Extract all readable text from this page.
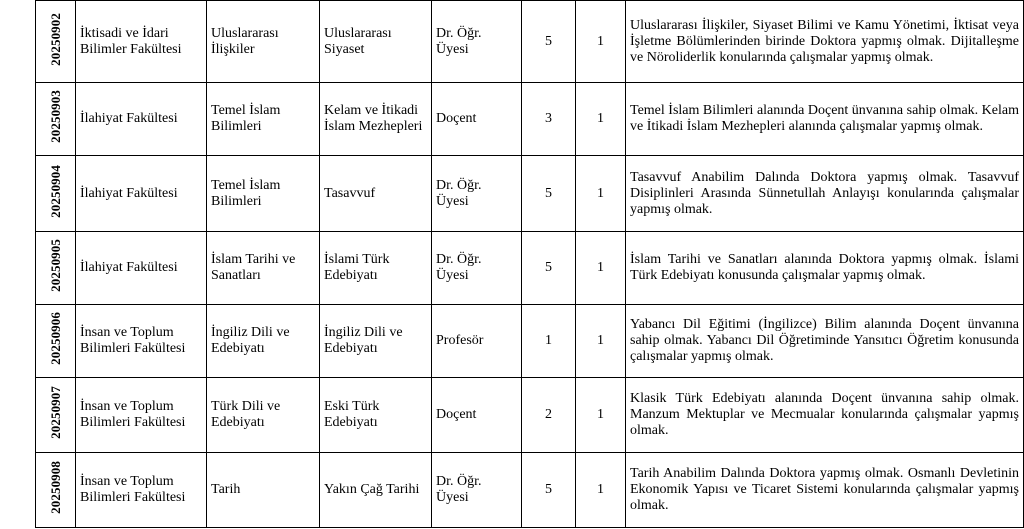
20250902	İktisadi ve İdari Bilimler Fakültesi	Uluslararası İlişkiler	Uluslararası Siyaset	Dr. Öğr. Üyesi	5	1	Uluslararası İlişkiler, Siyaset Bilimi ve Kamu Yönetimi, İktisat veya İşletme Bölümlerinden birinde Doktora yapmış olmak. Dijitalleşme ve Nöroliderlik konularında çalışmalar yapmış olmak.
20250903	İlahiyat Fakültesi	Temel İslam Bilimleri	Kelam ve İtikadi İslam Mezhepleri	Doçent	3	1	Temel İslam Bilimleri alanında Doçent ünvanına sahip olmak. Kelam ve İtikadi İslam Mezhepleri alanında çalışmalar yapmış olmak.
20250904	İlahiyat Fakültesi	Temel İslam Bilimleri	Tasavvuf	Dr. Öğr. Üyesi	5	1	Tasavvuf Anabilim Dalında Doktora yapmış olmak. Tasavvuf Disiplinleri Arasında Sünnetullah Anlayışı konularında çalışmalar yapmış olmak.
20250905	İlahiyat Fakültesi	İslam Tarihi ve Sanatları	İslami Türk Edebiyatı	Dr. Öğr. Üyesi	5	1	İslam Tarihi ve Sanatları alanında Doktora yapmış olmak. İslami Türk Edebiyatı konusunda çalışmalar yapmış olmak.
20250906	İnsan ve Toplum Bilimleri Fakültesi	İngiliz Dili ve Edebiyatı	İngiliz Dili ve Edebiyatı	Profesör	1	1	Yabancı Dil Eğitimi (İngilizce) Bilim alanında Doçent ünvanına sahip olmak. Yabancı Dil Öğretiminde Yansıtıcı Öğretim konusunda çalışmalar yapmış olmak.
20250907	İnsan ve Toplum Bilimleri Fakültesi	Türk Dili ve Edebiyatı	Eski Türk Edebiyatı	Doçent	2	1	Klasik Türk Edebiyatı alanında Doçent ünvanına sahip olmak. Manzum Mektuplar ve Mecmualar konularında çalışmalar yapmış olmak.
20250908	İnsan ve Toplum Bilimleri Fakültesi	Tarih	Yakın Çağ Tarihi	Dr. Öğr. Üyesi	5	1	Tarih Anabilim Dalında Doktora yapmış olmak. Osmanlı Devletinin Ekonomik Yapısı ve Ticaret Sistemi konularında çalışmalar yapmış olmak.
